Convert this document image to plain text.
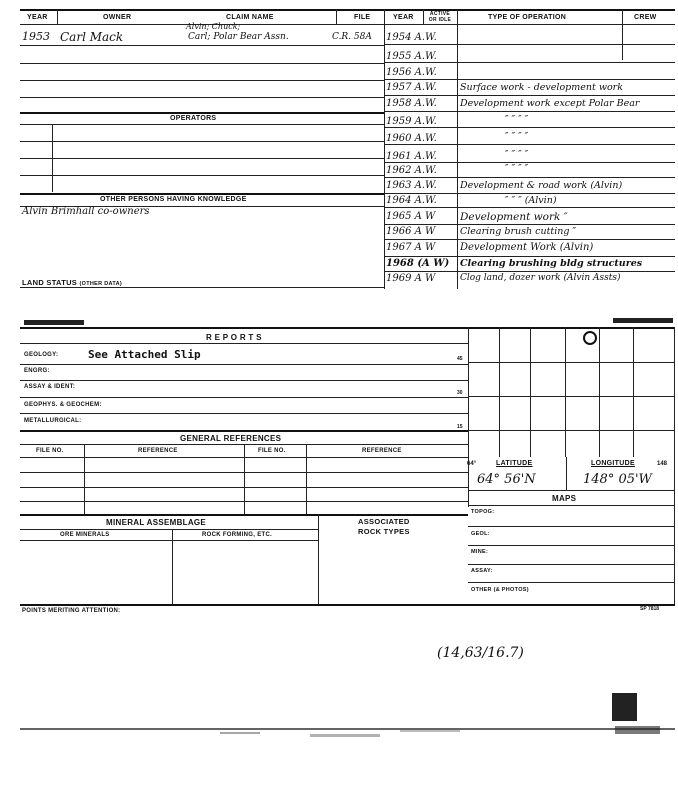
YEAR	OWNER	CLAIM NAME	FILE	YEAR	ACTIVE OR IDLE	TYPE OF OPERATION	CREW
1953 Carl Mack
Alvin; Chuck;
Carl; Polar Bear Assn.	C.R. 58A
OPERATORS
OTHER PERSONS HAVING KNOWLEDGE
Alvin Brimhall co-owners
1954 A.W.
1955 A.W.
1956 A.W.
1957 A.W.	Surface work - development work
1958 A.W.	Development work except Polar Bear
1959 A.W.	″ ″ ″ ″
1960 A.W.	″ ″ ″ ″
1961 A.W.	″ ″ ″ ″
1962 A.W.	″ ″ ″ ″
1963 A.W.	Development & road work (Alvin)
1964 A.W.	″ ″ ″ (Alvin)
1965 A W	Development work ″
1966 A W	Clearing brush cutting ″
1967 A W	Development Work (Alvin)
1968 (A W)	Clearing brushing bldg structures
1969 A W	Clog land, dozer work (Alvin Assts)
LAND STATUS (OTHER DATA)
R E P O R T S
GEOLOGY:	See Attached Slip	45
ENGRG:
ASSAY & IDENT:
30
GEOPHYS. & GEOCHEM:
METALLURGICAL:
15
GENERAL REFERENCES
FILE NO.	REFERENCE	FILE NO.	REFERENCE
64°	LATITUDE	LONGITUDE	148
64° 56'N	148° 05'W
MAPS
TOPOG:
GEOL:
MINE:
ASSAY:
OTHER (& PHOTOS)
MINERAL ASSEMBLAGE	ASSOCIATED
ROCK TYPES
ORE MINERALS	ROCK FORMING, ETC.
POINTS MERITING ATTENTION:	SP 7818
(14,63/16.7)
